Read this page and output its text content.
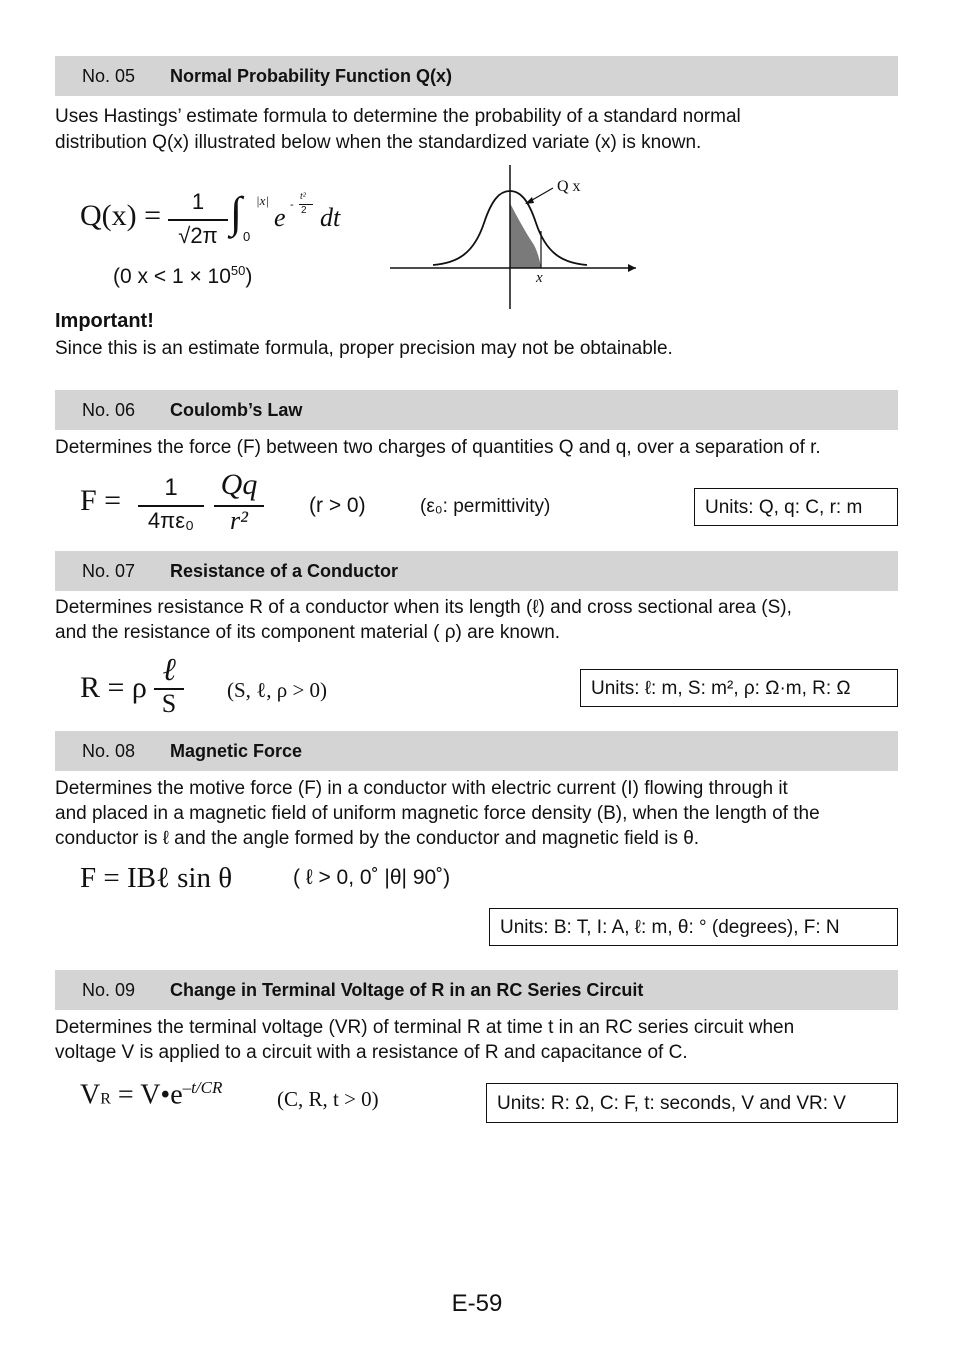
No. 05 Normal Probability Function Q(x)
Uses Hastings’ estimate formula to determine the probability of a standard normal
distribution Q(x) illustrated below when the standardized variate (x) is known.
Q(x) =	1
√2π ∫ |x|
0
e -
t²
2 dt
(0 $x < 1 \times 10^{50}$)
Q x
x
Important!
Since this is an estimate formula, proper precision may not be obtainable.
No. 06 Coulomb’s Law
Determines the force (F) between two charges of quantities Q and q, over a separation of r.
F =	1
4πε₀
Qq
r²
(r > 0)	(ε₀: permittivity)	Units: Q, q: C, r: m
No. 07 Resistance of a Conductor
Determines resistance R of a conductor when its length (ℓ) and cross sectional area (S),
and the resistance of its component material ( ρ) are known.
R = ρ
ℓ
S	(S, ℓ, ρ > 0)	Units: ℓ: m, S: m², ρ: Ω·m, R: Ω
No. 08 Magnetic Force
Determines the motive force (F) in a conductor with electric current (I) flowing through it
and placed in a magnetic field of uniform magnetic force density (B), when the length of the
conductor is ℓ and the angle formed by the conductor and magnetic field is θ.
F = IBℓ sin θ	( ℓ > 0, 0˚ |θ| 90˚)
Units: B: T, I: A, ℓ: m, θ: ° (degrees), F: N
No. 09 Change in Terminal Voltage of R in an RC Series Circuit
Determines the terminal voltage (VR) of terminal R at time t in an RC series circuit when
voltage V is applied to a circuit with a resistance of R and capacitance of C.
VR = $V•e^{-t/CR}$	(C, R, t > 0)	Units: R: Ω, C: F, t: seconds, V and VR: V
E-59
